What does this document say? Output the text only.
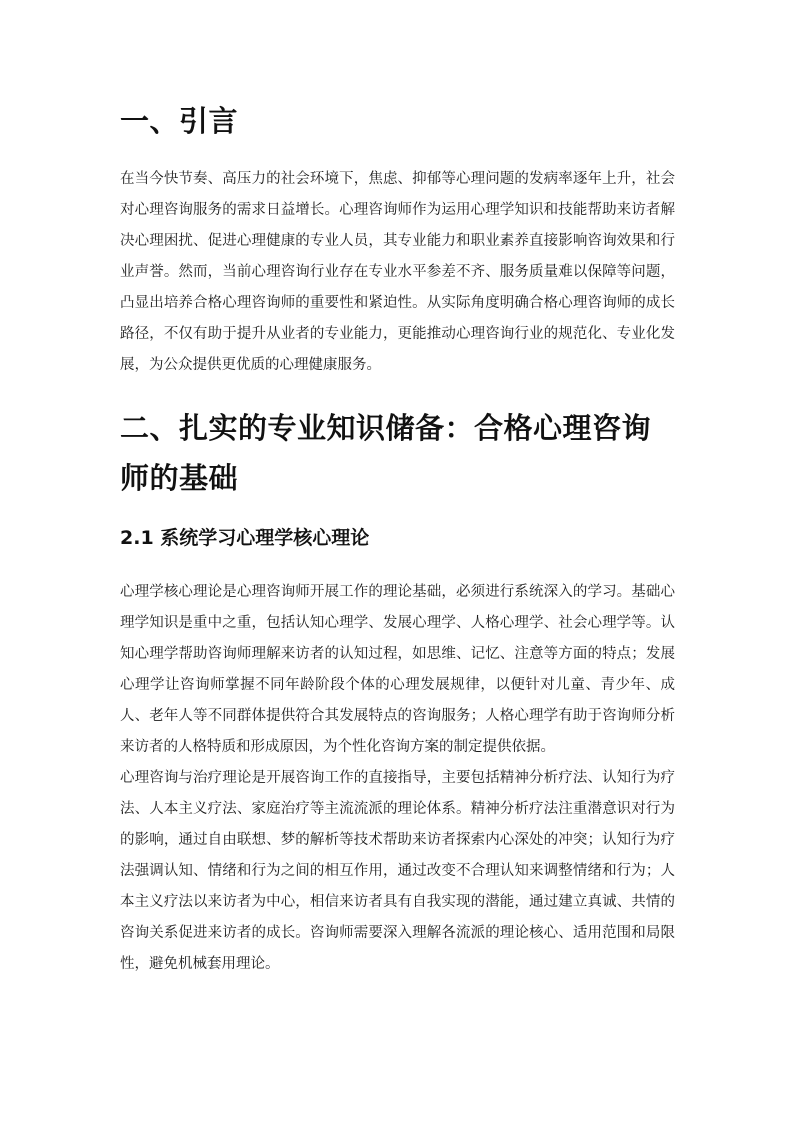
一、引言

在当今快节奏、高压力的社会环境下，焦虑、抑郁等心理问题的发病率逐年上升，社会对心理咨询服务的需求日益增长。心理咨询师作为运用心理学知识和技能帮助来访者解决心理困扰、促进心理健康的专业人员，其专业能力和职业素养直接影响咨询效果和行业声誉。然而，当前心理咨询行业存在专业水平参差不齐、服务质量难以保障等问题，凸显出培养合格心理咨询师的重要性和紧迫性。从实际角度明确合格心理咨询师的成长路径，不仅有助于提升从业者的专业能力，更能推动心理咨询行业的规范化、专业化发展，为公众提供更优质的心理健康服务。

二、扎实的专业知识储备：合格心理咨询师的基础
2.1 系统学习心理学核心理论

心理学核心理论是心理咨询师开展工作的理论基础，必须进行系统深入的学习。基础心理学知识是重中之重，包括认知心理学、发展心理学、人格心理学、社会心理学等。认知心理学帮助咨询师理解来访者的认知过程，如思维、记忆、注意等方面的特点；发展心理学让咨询师掌握不同年龄阶段个体的心理发展规律，以便针对儿童、青少年、成人、老年人等不同群体提供符合其发展特点的咨询服务；人格心理学有助于咨询师分析来访者的人格特质和形成原因，为个性化咨询方案的制定提供依据。

心理咨询与治疗理论是开展咨询工作的直接指导，主要包括精神分析疗法、认知行为疗法、人本主义疗法、家庭治疗等主流流派的理论体系。精神分析疗法注重潜意识对行为的影响，通过自由联想、梦的解析等技术帮助来访者探索内心深处的冲突；认知行为疗法强调认知、情绪和行为之间的相互作用，通过改变不合理认知来调整情绪和行为；人本主义疗法以来访者为中心，相信来访者具有自我实现的潜能，通过建立真诚、共情的咨询关系促进来访者的成长。咨询师需要深入理解各流派的理论核心、适用范围和局限性，避免机械套用理论。
